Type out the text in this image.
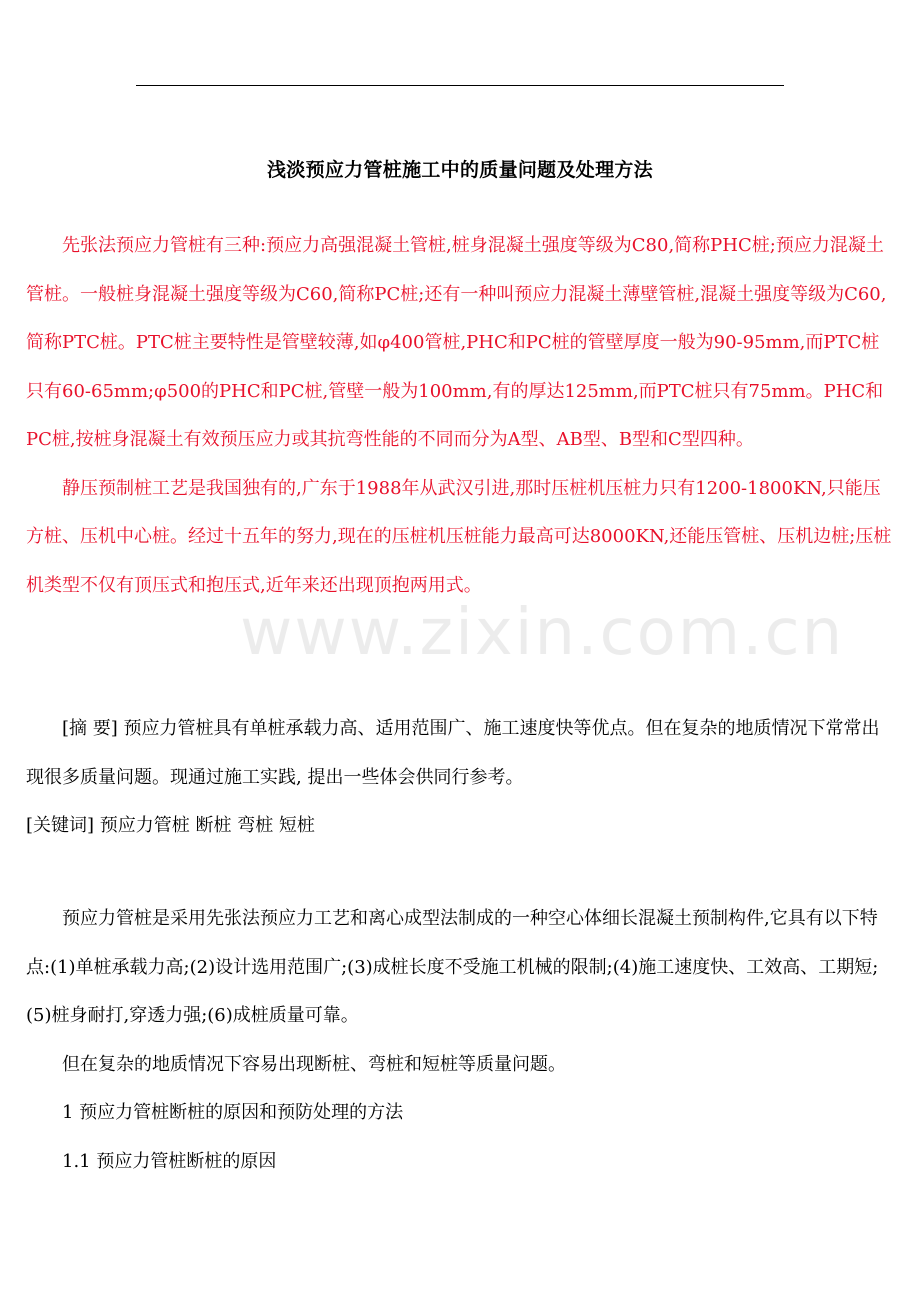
浅淡预应力管桩施工中的质量问题及处理方法

先张法预应力管桩有三种:预应力高强混凝土管桩,桩身混凝土强度等级为C80,简称PHC桩;预应力混凝土管桩。一般桩身混凝土强度等级为C60,简称PC桩;还有一种叫预应力混凝土薄壁管桩,混凝土强度等级为C60,简称PTC桩。PTC桩主要特性是管壁较薄,如φ400管桩,PHC和PC桩的管壁厚度一般为90-95mm,而PTC桩只有60-65mm;φ500的PHC和PC桩,管壁一般为100mm,有的厚达125mm,而PTC桩只有75mm。PHC和PC桩,按桩身混凝土有效预压应力或其抗弯性能的不同而分为A型、AB型、B型和C型四种。

静压预制桩工艺是我国独有的,广东于1988年从武汉引进,那时压桩机压桩力只有1200-1800KN,只能压方桩、压机中心桩。经过十五年的努力,现在的压桩机压桩能力最高可达8000KN,还能压管桩、压机边桩;压桩机类型不仅有顶压式和抱压式,近年来还出现顶抱两用式。

[摘 要] 预应力管桩具有单桩承载力高、适用范围广、施工速度快等优点。但在复杂的地质情况下常常出现很多质量问题。现通过施工实践, 提出一些体会供同行参考。

[关键词] 预应力管桩 断桩 弯桩 短桩

预应力管桩是采用先张法预应力工艺和离心成型法制成的一种空心体细长混凝土预制构件,它具有以下特点:(1)单桩承载力高;(2)设计选用范围广;(3)成桩长度不受施工机械的限制;(4)施工速度快、工效高、工期短;(5)桩身耐打,穿透力强;(6)成桩质量可靠。

但在复杂的地质情况下容易出现断桩、弯桩和短桩等质量问题。

1 预应力管桩断桩的原因和预防处理的方法

1.1 预应力管桩断桩的原因

www.zixin.com.cn
